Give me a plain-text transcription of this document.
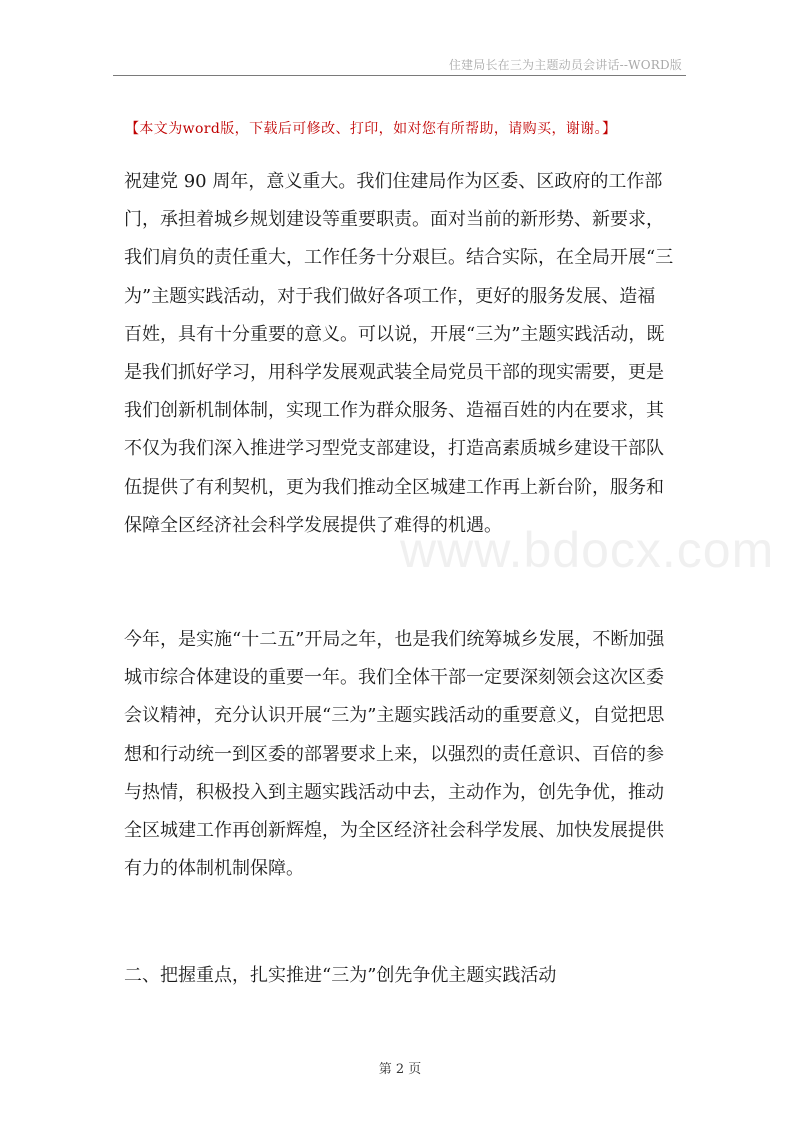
住建局长在三为主题动员会讲话--WORD版
【本文为word版，下载后可修改、打印，如对您有所帮助，请购买，谢谢。】
祝建党 90 周年，意义重大。我们住建局作为区委、区政府的工作部
门，承担着城乡规划建设等重要职责。面对当前的新形势、新要求，
我们肩负的责任重大，工作任务十分艰巨。结合实际，在全局开展“三
为”主题实践活动，对于我们做好各项工作，更好的服务发展、造福
百姓，具有十分重要的意义。可以说，开展“三为”主题实践活动，既
是我们抓好学习，用科学发展观武装全局党员干部的现实需要，更是
我们创新机制体制，实现工作为群众服务、造福百姓的内在要求，其
不仅为我们深入推进学习型党支部建设，打造高素质城乡建设干部队
伍提供了有利契机，更为我们推动全区城建工作再上新台阶，服务和
保障全区经济社会科学发展提供了难得的机遇。
www.bdocx.com
今年，是实施“十二五”开局之年，也是我们统筹城乡发展，不断加强
城市综合体建设的重要一年。我们全体干部一定要深刻领会这次区委
会议精神，充分认识开展“三为”主题实践活动的重要意义，自觉把思
想和行动统一到区委的部署要求上来，以强烈的责任意识、百倍的参
与热情，积极投入到主题实践活动中去，主动作为，创先争优，推动
全区城建工作再创新辉煌，为全区经济社会科学发展、加快发展提供
有力的体制机制保障。
二、把握重点，扎实推进“三为”创先争优主题实践活动
第 2 页
